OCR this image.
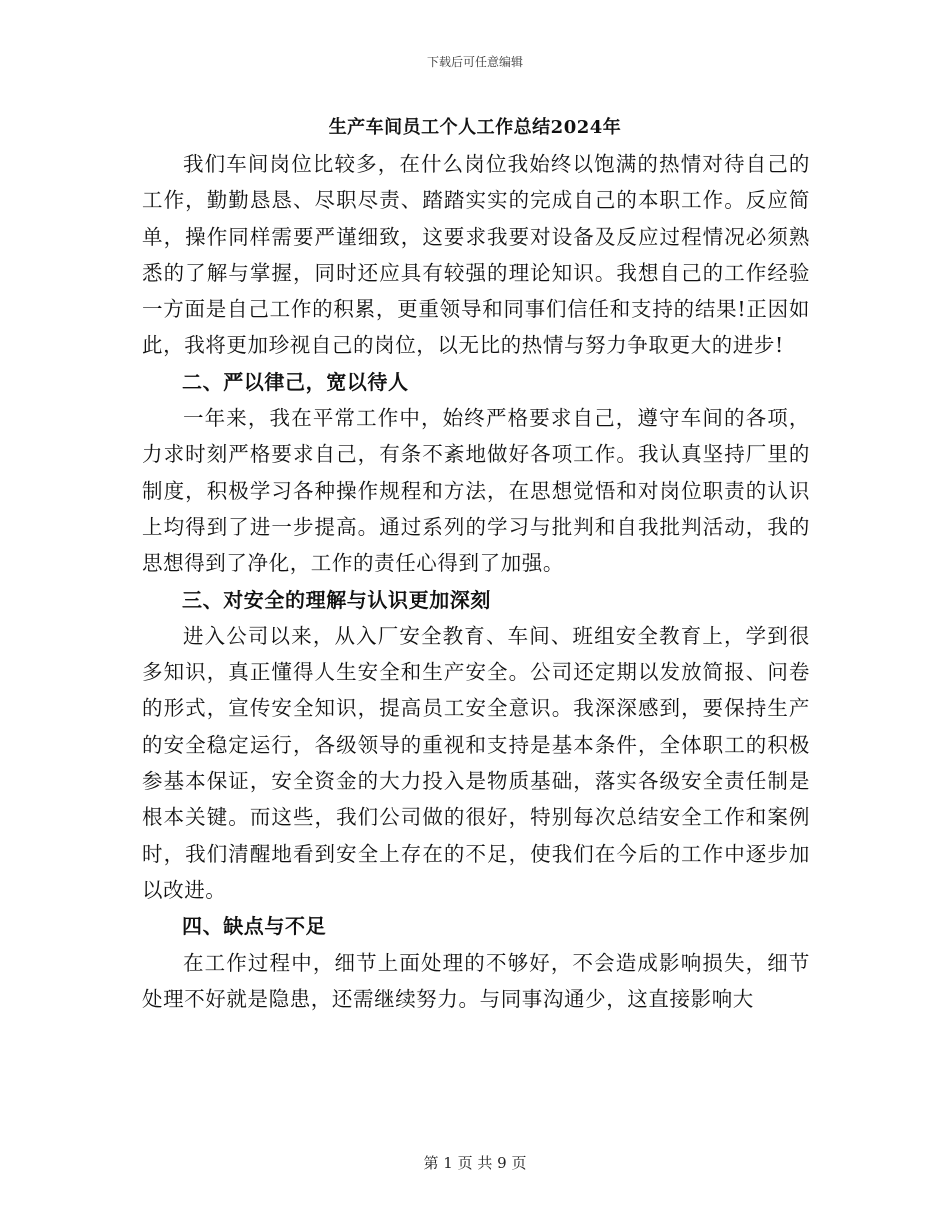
下载后可任意编辑
生产车间员工个人工作总结2024年

我们车间岗位比较多，在什么岗位我始终以饱满的热情对待自己的工作，勤勤恳恳、尽职尽责、踏踏实实的完成自己的本职工作。反应简单，操作同样需要严谨细致，这要求我要对设备及反应过程情况必须熟悉的了解与掌握，同时还应具有较强的理论知识。我想自己的工作经验一方面是自己工作的积累，更重领导和同事们信任和支持的结果!正因如此，我将更加珍视自己的岗位，以无比的热情与努力争取更大的进步!

二、严以律己，宽以待人

一年来，我在平常工作中，始终严格要求自己，遵守车间的各项，力求时刻严格要求自己，有条不紊地做好各项工作。我认真坚持厂里的制度，积极学习各种操作规程和方法，在思想觉悟和对岗位职责的认识上均得到了进一步提高。通过系列的学习与批判和自我批判活动，我的思想得到了净化，工作的责任心得到了加强。

三、对安全的理解与认识更加深刻

进入公司以来，从入厂安全教育、车间、班组安全教育上，学到很多知识，真正懂得人生安全和生产安全。公司还定期以发放简报、问卷的形式，宣传安全知识，提高员工安全意识。我深深感到，要保持生产的安全稳定运行，各级领导的重视和支持是基本条件，全体职工的积极参基本保证，安全资金的大力投入是物质基础，落实各级安全责任制是根本关键。而这些，我们公司做的很好，特别每次总结安全工作和案例时，我们清醒地看到安全上存在的不足，使我们在今后的工作中逐步加以改进。

四、缺点与不足

在工作过程中，细节上面处理的不够好，不会造成影响损失，细节处理不好就是隐患，还需继续努力。与同事沟通少，这直接影响大

第 1 页 共 9 页
